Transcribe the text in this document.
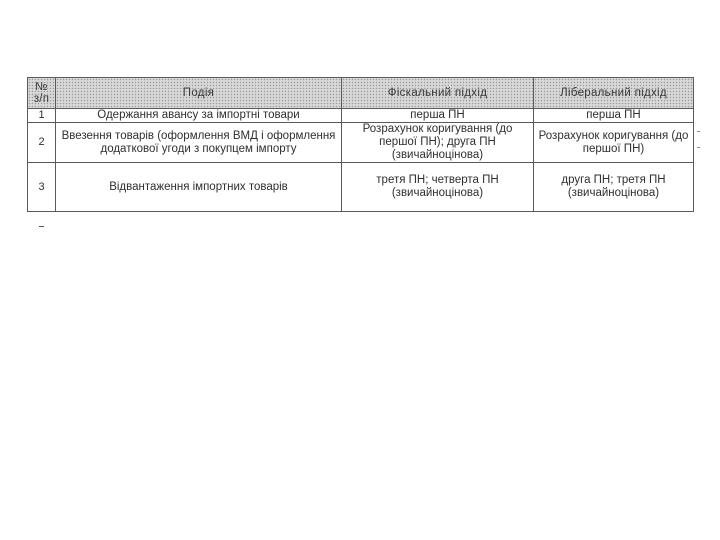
№ з/п	Подія	Фіскальний підхід	Ліберальний підхід
1	Одержання авансу за імпортні товари	перша ПН	перша ПН
2	Ввезення товарів (оформлення ВМД і оформлення додаткової угоди з покупцем імпорту	Розрахунок коригування (до першої ПН); друга ПН (звичайноцінова)	Розрахунок коригування (до першої ПН)
3	Відвантаження імпортних товарів	третя ПН; четверта ПН (звичайноцінова)	друга ПН; третя ПН (звичайноцінова)
